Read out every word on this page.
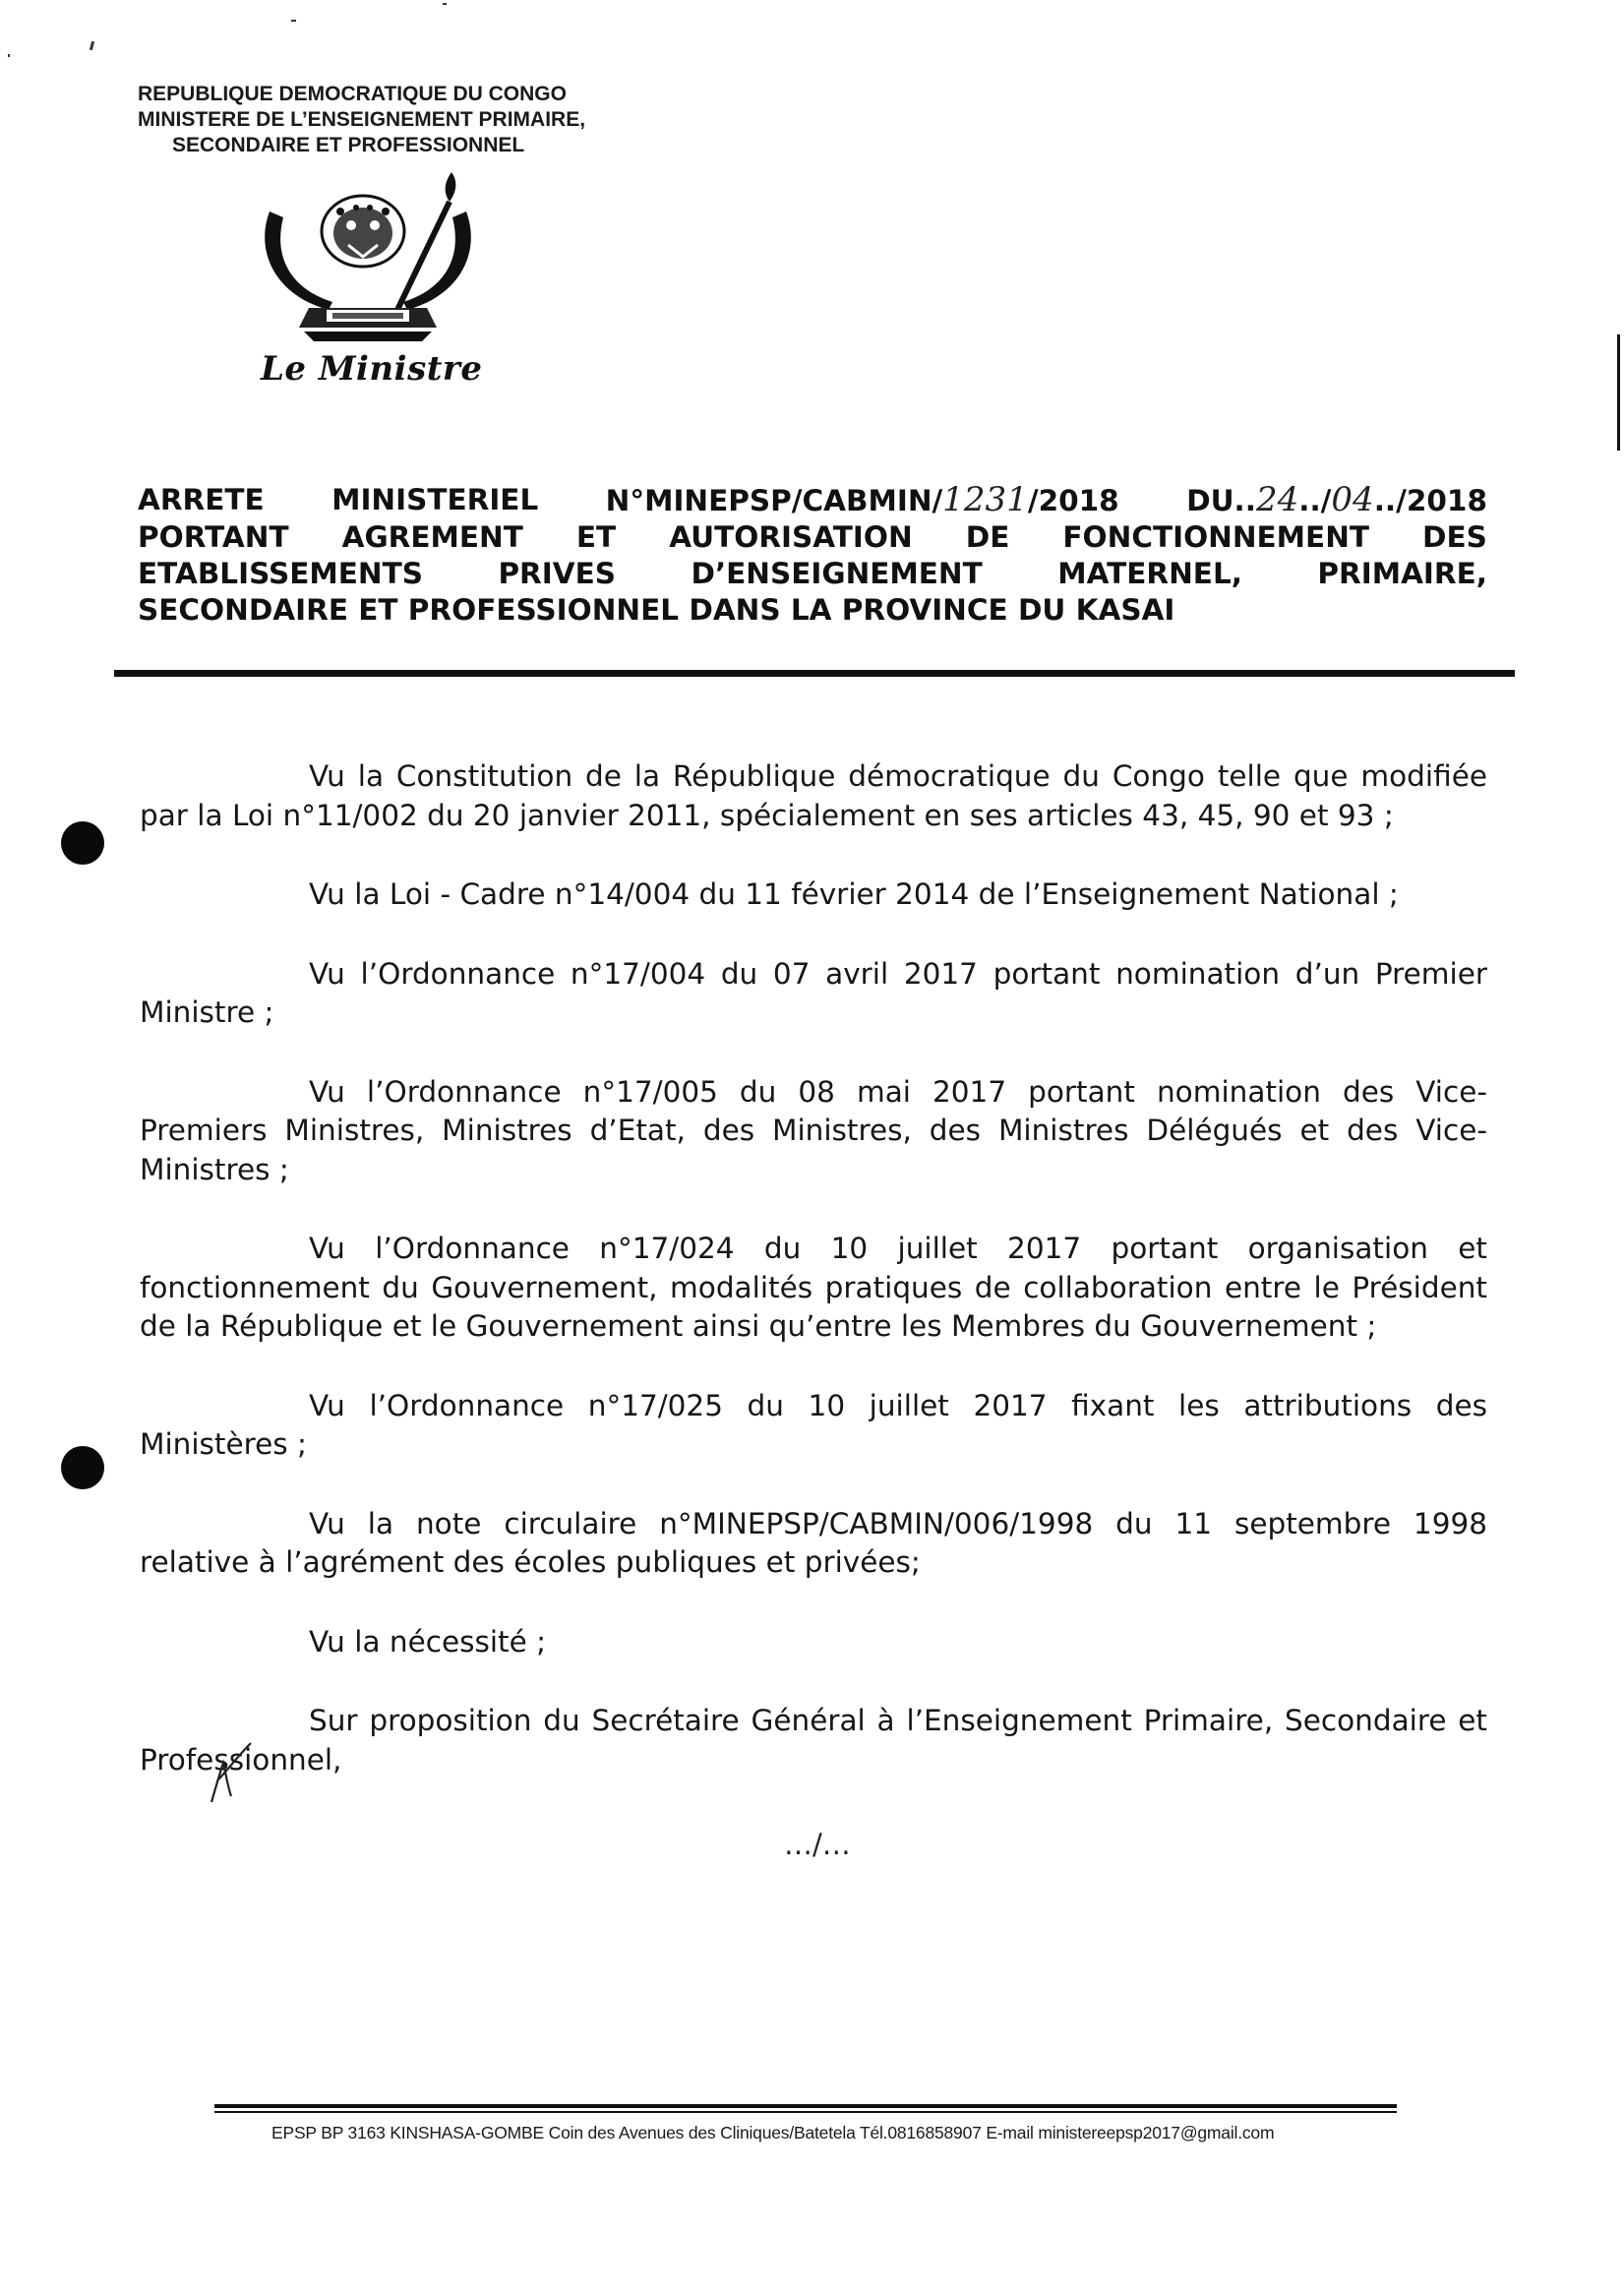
REPUBLIQUE DEMOCRATIQUE DU CONGO
MINISTERE DE L’ENSEIGNEMENT PRIMAIRE,
SECONDAIRE ET PROFESSIONNEL
Le Ministre
ARRETE MINISTERIEL N°MINEPSP/CABMIN/1231/2018 DU..24../04../2018
PORTANT AGREMENT ET AUTORISATION DE FONCTIONNEMENT DES
ETABLISSEMENTS	PRIVES	D’ENSEIGNEMENT	MATERNEL,	PRIMAIRE,
SECONDAIRE ET PROFESSIONNEL DANS LA PROVINCE DU KASAI

Vu la Constitution de la République démocratique du Congo telle que modifiée par la Loi n°11/002 du 20 janvier 2011, spécialement en ses articles 43, 45, 90 et 93 ;

Vu la Loi - Cadre n°14/004 du 11 février 2014 de l’Enseignement National ;

Vu l’Ordonnance n°17/004 du 07 avril 2017 portant nomination d’un Premier Ministre ;

Vu l’Ordonnance n°17/005 du 08 mai 2017 portant nomination des Vice-Premiers Ministres, Ministres d’Etat, des Ministres, des Ministres Délégués et des Vice-Ministres ;

Vu l’Ordonnance n°17/024 du 10 juillet 2017 portant organisation et fonctionnement du Gouvernement, modalités pratiques de collaboration entre le Président de la République et le Gouvernement ainsi qu’entre les Membres du Gouvernement ;

Vu l’Ordonnance n°17/025 du 10 juillet 2017 fixant les attributions des Ministères ;

Vu la note circulaire n°MINEPSP/CABMIN/006/1998 du 11 septembre 1998 relative à l’agrément des écoles publiques et privées;

Vu la nécessité ;

Sur proposition du Secrétaire Général à l’Enseignement Primaire, Secondaire et Professionnel,

…/…
EPSP BP 3163 KINSHASA-GOMBE Coin des Avenues des Cliniques/Batetela Tél.0816858907 E-mail ministereepsp2017@gmail.com
